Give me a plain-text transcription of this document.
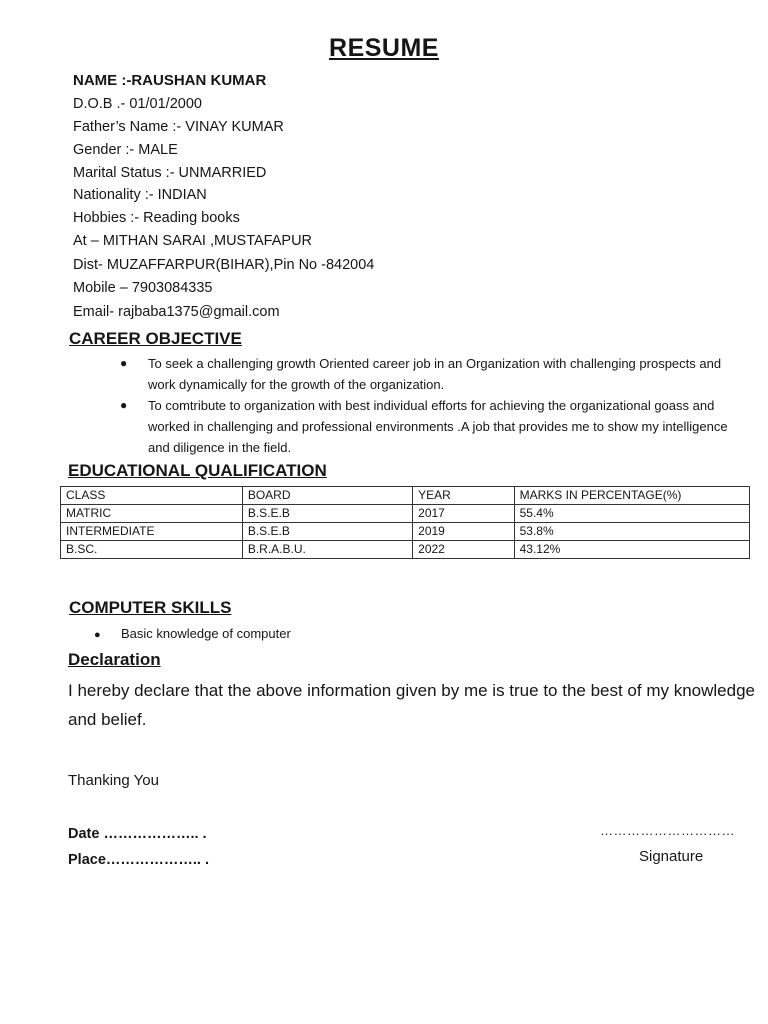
RESUME
NAME :-RAUSHAN KUMAR
D.O.B .- 01/01/2000
Father’s Name :- VINAY KUMAR
Gender :- MALE
Marital Status :- UNMARRIED
Nationality :- INDIAN
Hobbies :- Reading books
At – MITHAN SARAI ,MUSTAFAPUR
Dist- MUZAFFARPUR(BIHAR),Pin No -842004
Mobile – 7903084335
Email- rajbaba1375@gmail.com
CAREER OBJECTIVE
●	To seek a challenging growth Oriented career job in an Organization with challenging prospects and work dynamically for the growth of the organization.
●	To comtribute to organization with best individual efforts for achieving the organizational goass and worked in challenging and professional environments .A job that provides me to show my intelligence and diligence in the field.
EDUCATIONAL QUALIFICATION
CLASS	BOARD	YEAR	MARKS IN PERCENTAGE(%)
MATRIC	B.S.E.B	2017	55.4%
INTERMEDIATE	B.S.E.B	2019	53.8%
B.SC.	B.R.A.B.U.	2022	43.12%
COMPUTER SKILLS
● Basic knowledge of computer
Declaration
I hereby declare that the above information given by me is true to the best of my knowledge and belief.
Thanking You
Date ……………….. .
Place……………….. .
…………………………
Signature
